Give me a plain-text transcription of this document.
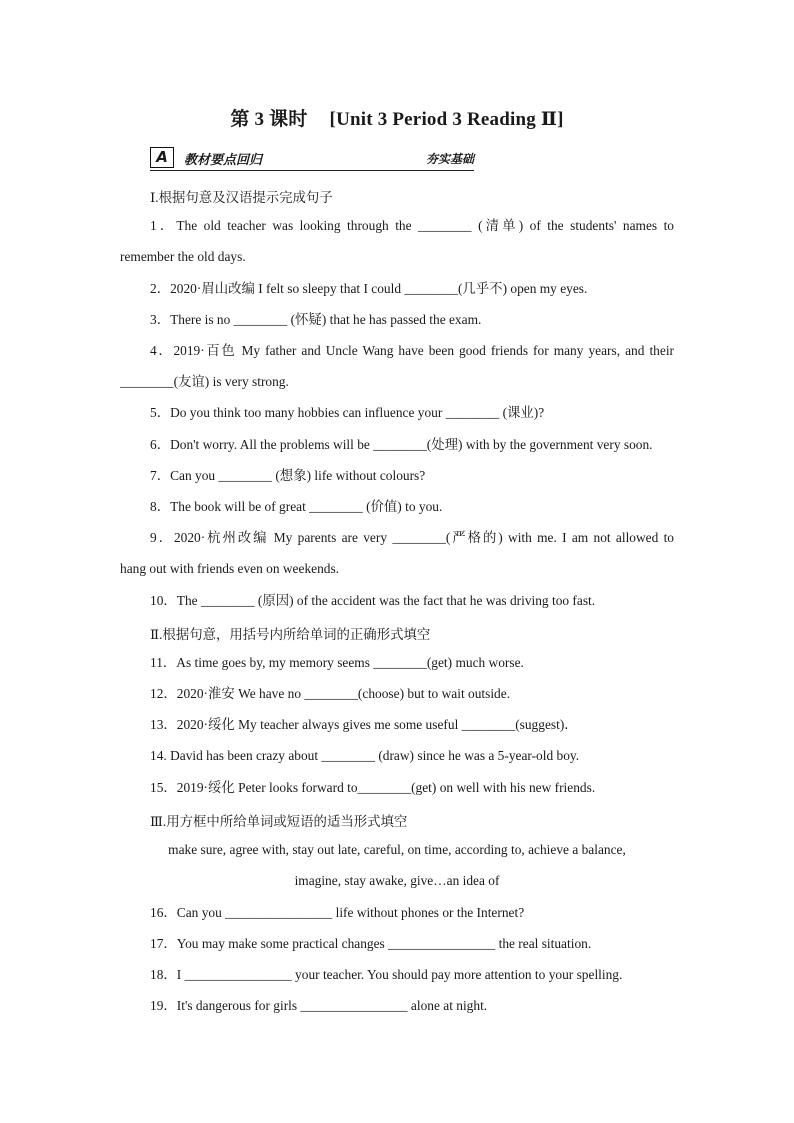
第 3 课时 [Unit 3 Period 3 Reading Ⅱ]
A	教材要点回归	夯实基础
Ⅰ.根据句意及汉语提示完成句子
1．The old teacher was looking through the ________ (清单) of the students' names to
remember the old days.
2．2020·眉山改编 I felt so sleepy that I could ________(几乎不) open my eyes.
3．There is no ________ (怀疑) that he has passed the exam.
4．2019·百色 My father and Uncle Wang have been good friends for many years, and their
________(友谊) is very strong.
5．Do you think too many hobbies can influence your ________ (课业)?
6．Don't worry. All the problems will be ________(处理) with by the government very soon.
7．Can you ________ (想象) life without colours?
8．The book will be of great ________ (价值) to you.
9．2020·杭州改编 My parents are very ________(严格的) with me. I am not allowed to
hang out with friends even on weekends.
10．The ________ (原因) of the accident was the fact that he was driving too fast.
Ⅱ.根据句意，用括号内所给单词的正确形式填空
11．As time goes by, my memory seems ________(get) much worse.
12．2020·淮安 We have no ________(choose) but to wait outside.
13．2020·绥化 My teacher always gives me some useful ________(suggest)．
14. David has been crazy about ________ (draw) since he was a 5-year-old boy.
15．2019·绥化 Peter looks forward to________(get) on well with his new friends.
Ⅲ.用方框中所给单词或短语的适当形式填空
make sure, agree with, stay out late, careful, on time, according to, achieve a balance,
imagine, stay awake, give…an idea of
16．Can you ________________ life without phones or the Internet?
17．You may make some practical changes ________________ the real situation.
18．I ________________ your teacher. You should pay more attention to your spelling.
19．It's dangerous for girls ________________ alone at night.
